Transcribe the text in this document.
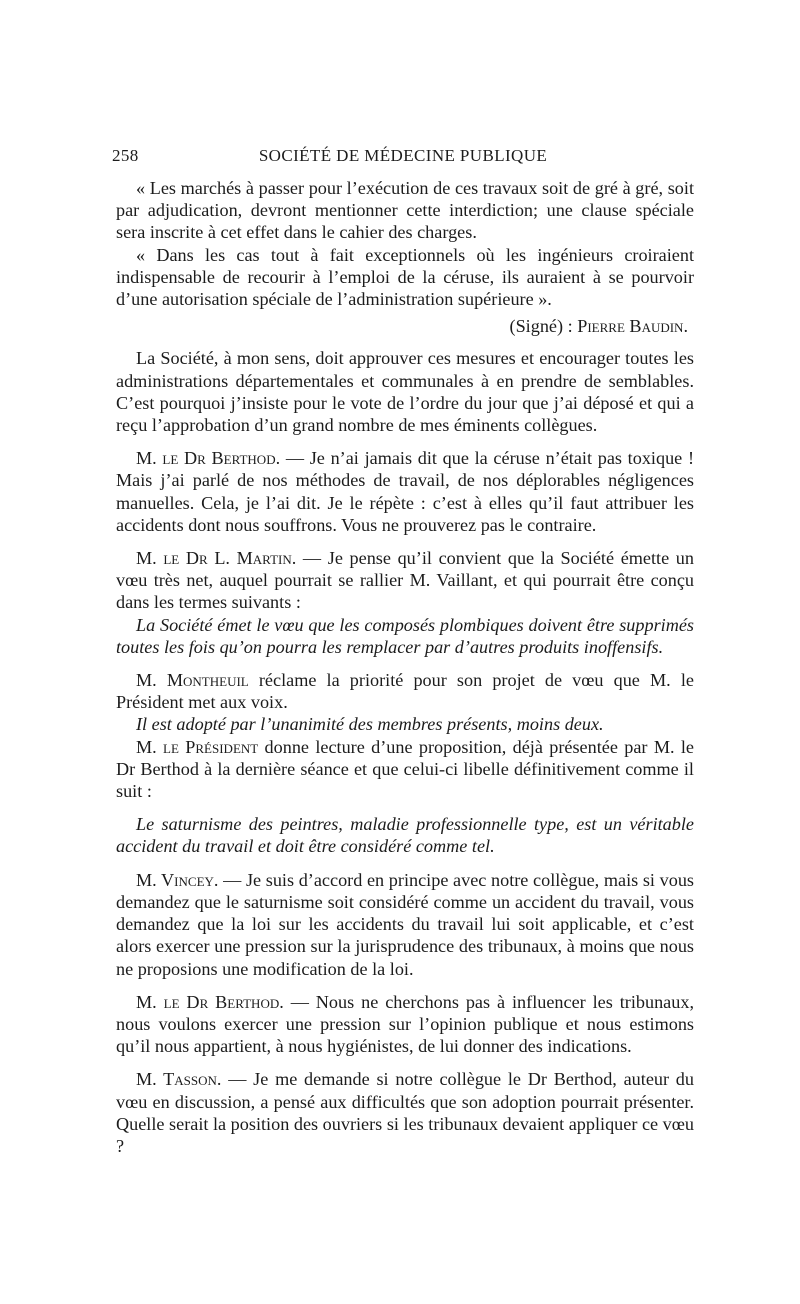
258	SOCIÉTÉ DE MÉDECINE PUBLIQUE

« Les marchés à passer pour l’exécution de ces travaux soit de gré à gré, soit par adjudication, devront mentionner cette interdiction; une clause spéciale sera inscrite à cet effet dans le cahier des charges.

« Dans les cas tout à fait exceptionnels où les ingénieurs croiraient indispensable de recourir à l’emploi de la céruse, ils auraient à se pourvoir d’une autorisation spéciale de l’administration supérieure ».

(Signé) : Pierre Baudin.

La Société, à mon sens, doit approuver ces mesures et encourager toutes les administrations départementales et communales à en prendre de semblables. C’est pourquoi j’insiste pour le vote de l’ordre du jour que j’ai déposé et qui a reçu l’approbation d’un grand nombre de mes éminents collègues.

M. le Dr Berthod. — Je n’ai jamais dit que la céruse n’était pas toxique ! Mais j’ai parlé de nos méthodes de travail, de nos déplorables négligences manuelles. Cela, je l’ai dit. Je le répète : c’est à elles qu’il faut attribuer les accidents dont nous souffrons. Vous ne prouverez pas le contraire.

M. le Dr L. Martin. — Je pense qu’il convient que la Société émette un vœu très net, auquel pourrait se rallier M. Vaillant, et qui pourrait être conçu dans les termes suivants :

La Société émet le vœu que les composés plombiques doivent être supprimés toutes les fois qu’on pourra les remplacer par d’autres produits inoffensifs.

M. Montheuil réclame la priorité pour son projet de vœu que M. le Président met aux voix.

Il est adopté par l’unanimité des membres présents, moins deux.

M. le Président donne lecture d’une proposition, déjà présentée par M. le Dr Berthod à la dernière séance et que celui-ci libelle définitivement comme il suit :

Le saturnisme des peintres, maladie professionnelle type, est un véritable accident du travail et doit être considéré comme tel.

M. Vincey. — Je suis d’accord en principe avec notre collègue, mais si vous demandez que le saturnisme soit considéré comme un accident du travail, vous demandez que la loi sur les accidents du travail lui soit applicable, et c’est alors exercer une pression sur la jurisprudence des tribunaux, à moins que nous ne proposions une modification de la loi.

M. le Dr Berthod. — Nous ne cherchons pas à influencer les tribunaux, nous voulons exercer une pression sur l’opinion publique et nous estimons qu’il nous appartient, à nous hygiénistes, de lui donner des indications.

M. Tasson. — Je me demande si notre collègue le Dr Berthod, auteur du vœu en discussion, a pensé aux difficultés que son adoption pourrait présenter. Quelle serait la position des ouvriers si les tribunaux devaient appliquer ce vœu ?
